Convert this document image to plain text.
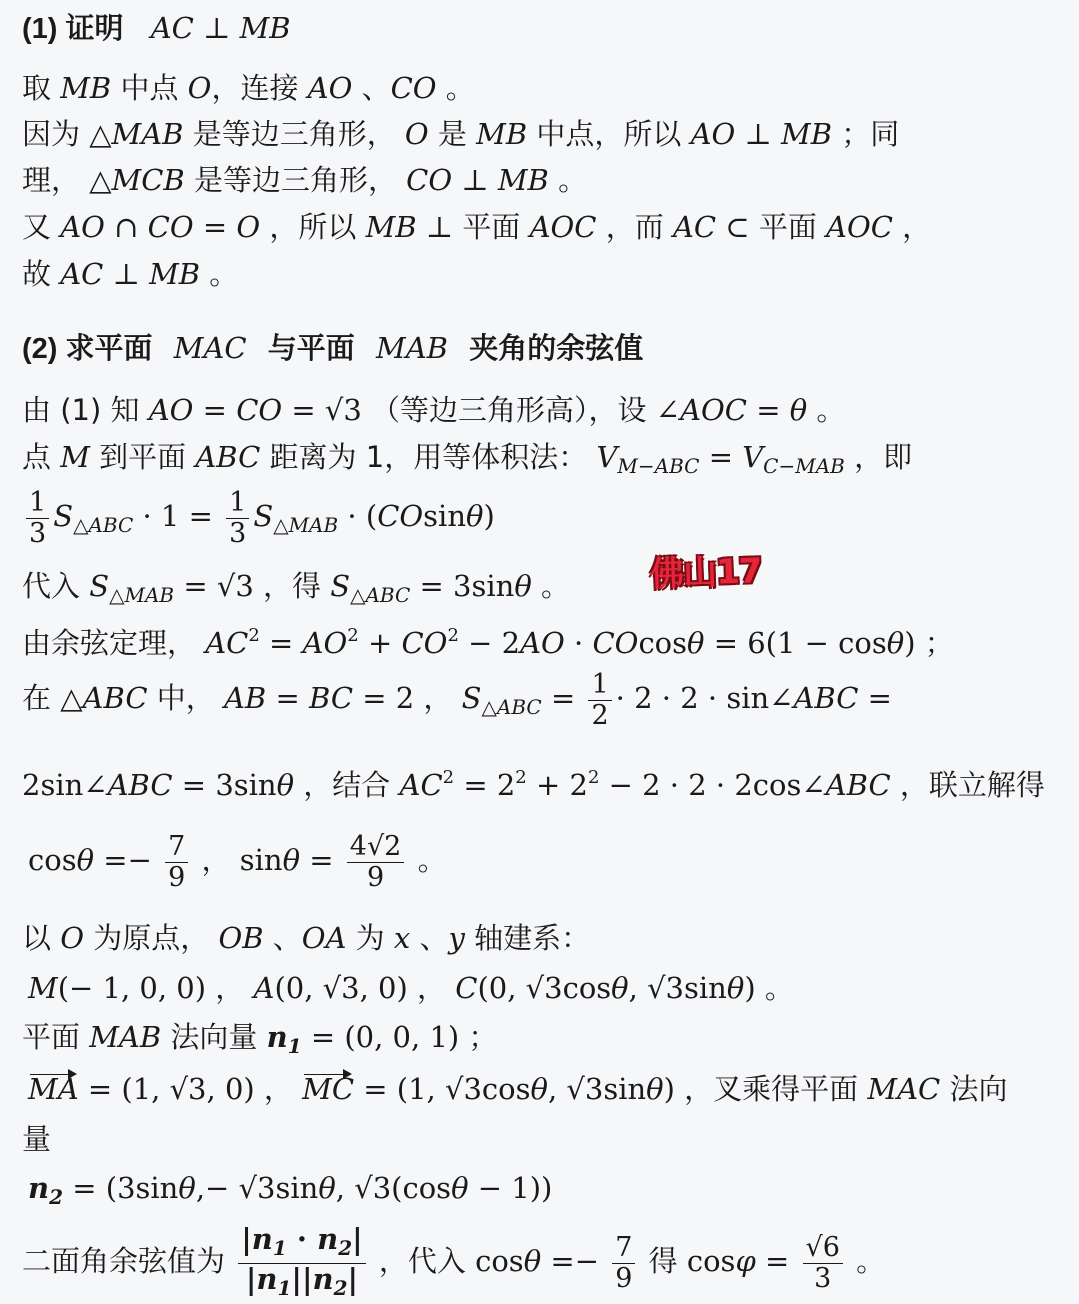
(1) 证明 AC ⊥ MB
取 MB 中点 O，连接 AO 、CO 。
因为 △MAB 是等边三角形， O 是 MB 中点，所以 AO ⊥ MB ；同
理， △MCB 是等边三角形， CO ⊥ MB 。
又 AO ∩ CO = O ，所以 MB ⊥ 平面 AOC ，而 AC ⊂ 平面 AOC ，
故 AC ⊥ MB 。
(2) 求平面 MAC 与平面 MAB 夹角的余弦值
由 (1) 知 AO = CO = √3 （等边三角形高），设 ∠AOC = θ 。
点 M 到平面 ABC 距离为 1，用等体积法： $V_{M-ABC} = V_{C-MAB}$ ，即
$\frac{1}{3} S_{\triangle ABC} \cdot 1 = \frac{1}{3} S_{\triangle MAB} \cdot (COsin\theta)$
代入 $S_{\triangle MAB} = √3$ ，得 $S_{\triangle ABC} = 3\sin\theta$ 。
由余弦定理， $AC^2 = AO^2 + CO^2 - 2AO \cdot COcos\theta = 6(1 - \cos\theta)$ ；
在 △ABC 中， AB = BC = 2 ， $S_{\triangle ABC} = \frac{1}{2} \cdot 2 \cdot 2$ · sin∠ABC =
2sin∠ABC = 3sinθ ，结合 $AC^2 = 2^2 + 2^2 - 2 \cdot 2$ · 2cos∠ABC ，联立解得
$\cos\theta =- \frac{7}{9}$ ， $\sin\theta = \frac{4√2}{9}$ 。
以 O 为原点， OB 、OA 为 x 、y 轴建系：
M(− 1, 0, 0) ， A(0, √3, 0) ， C(0, √3cosθ, √3sinθ) 。
平面 MAB 法向量 $n_1 = (0$, 0, 1) ；
MA = (1, √3, 0) ， MC = (1, √3cosθ, √3sinθ) ，叉乘得平面 MAC 法向
量
$n_2 = (3\sin\theta,- √3\sin\theta$, √3(cosθ − 1))
二面角余弦值为 $\frac{|n_1 \cdot n_2|}{|n_1||n_2|}$ ，代入 $\cos\theta =- \frac{7}{9}$ 得 $\cos\varphi = \frac{√6}{3}$ 。
佛山17
